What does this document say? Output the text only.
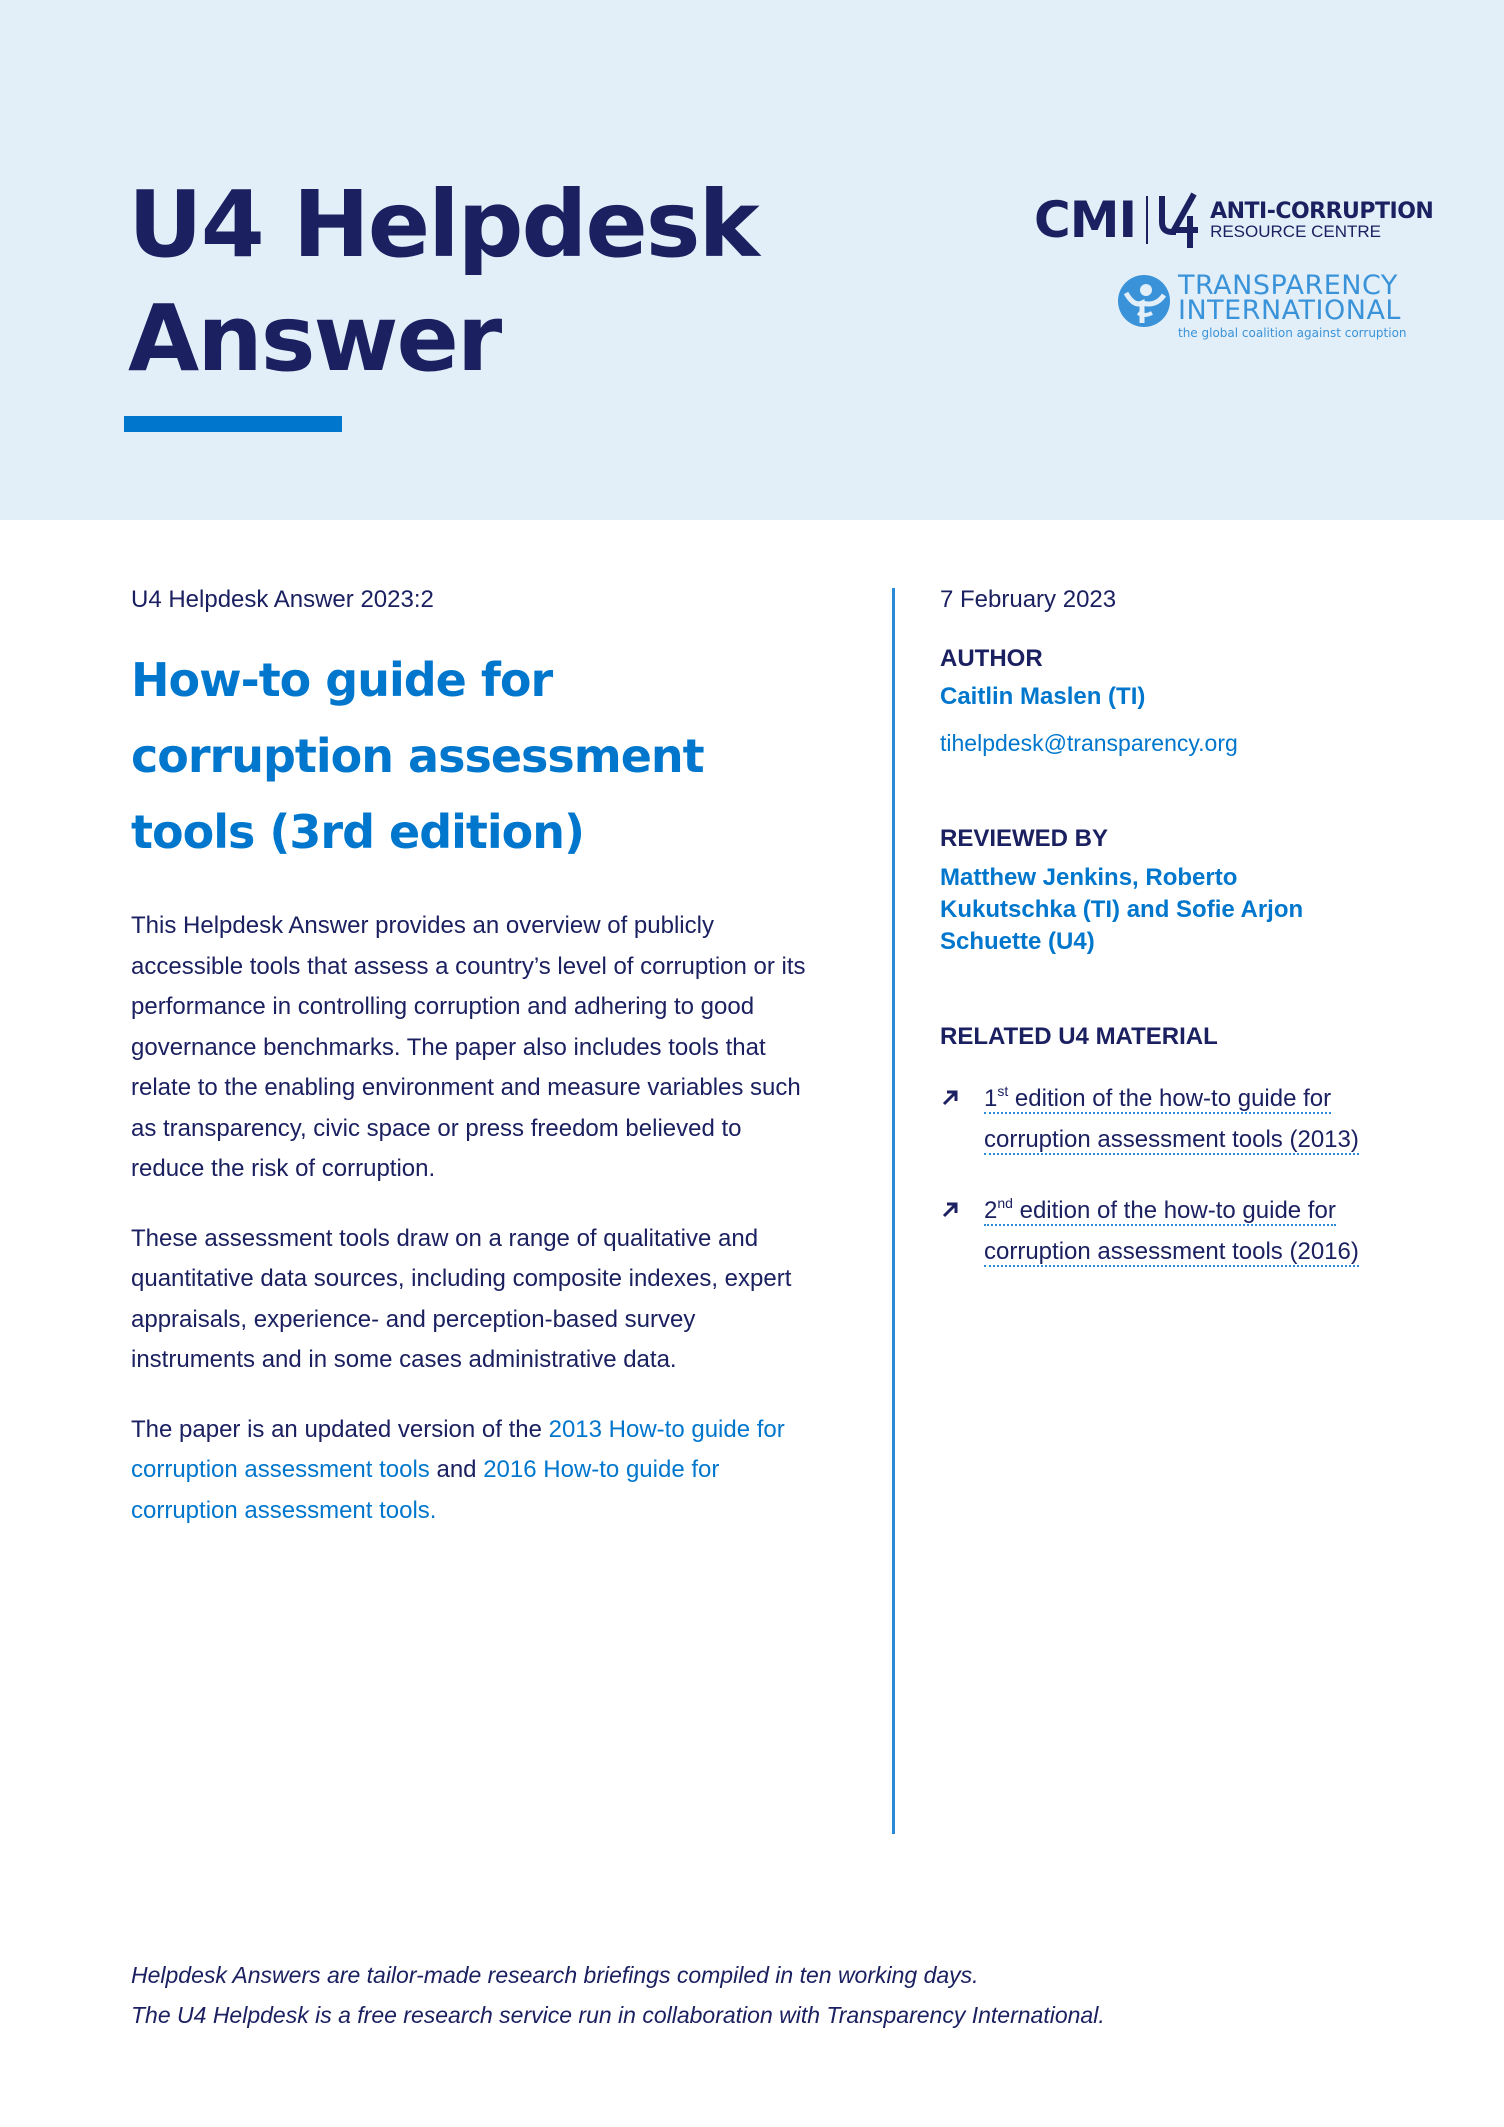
U4 Helpdesk
Answer
CMI	ANTI-CORRUPTION
RESOURCE CENTRE
TRANSPARENCY
INTERNATIONAL
the global coalition against corruption

U4 Helpdesk Answer 2023:2

How-to guide for
corruption assessment
tools (3rd edition)

This Helpdesk Answer provides an overview of publicly accessible tools that assess a country’s level of corruption or its performance in controlling corruption and adhering to good governance benchmarks. The paper also includes tools that relate to the enabling environment and measure variables such as transparency, civic space or press freedom believed to reduce the risk of corruption.

These assessment tools draw on a range of qualitative and quantitative data sources, including composite indexes, expert appraisals, experience- and perception-based survey instruments and in some cases administrative data.

The paper is an updated version of the 2013 How-to guide for corruption assessment tools and 2016 How-to guide for corruption assessment tools.

7 February 2023

AUTHOR

Caitlin Maslen (TI)

tihelpdesk@transparency.org
REVIEWED BY

Matthew Jenkins, Roberto Kukutschka (TI) and Sofie Arjon Schuette (U4)

RELATED U4 MATERIAL
1st edition of the how-to guide for corruption assessment tools (2013)
2nd edition of the how-to guide for corruption assessment tools (2016)

Helpdesk Answers are tailor-made research briefings compiled in ten working days.

The U4 Helpdesk is a free research service run in collaboration with Transparency International.
